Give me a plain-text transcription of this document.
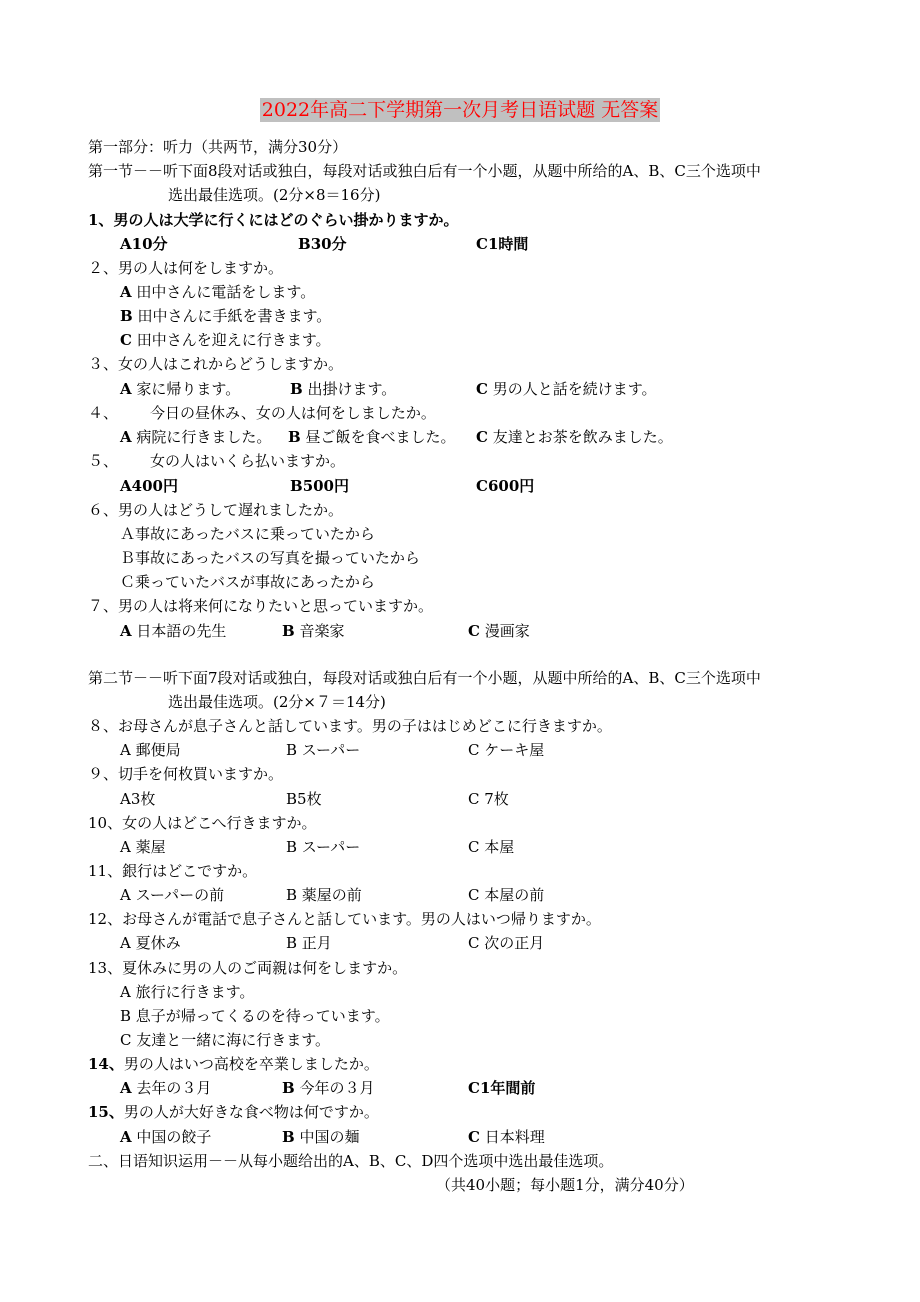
2022年高二下学期第一次月考日语试题 无答案
第一部分：听力（共两节，满分30分）
第一节－－听下面8段对话或独白，每段对话或独白后有一个小题，从题中所给的A、B、C三个选项中
选出最佳选项。(2分×8＝16分)
1、男の人は大学に行くにはどのぐらい掛かりますか。
A10分	B30分	C1時間
２、男の人は何をしますか。
A 田中さんに電話をします。
B 田中さんに手紙を書きます。
C 田中さんを迎えに行きます。
３、女の人はこれからどうしますか。
A 家に帰ります。	B 出掛けます。	C 男の人と話を続けます。
４、 今日の昼休み、女の人は何をしましたか。
A 病院に行きました。 B 昼ご飯を食べました。 C 友達とお茶を飲みました。
５、 女の人はいくら払いますか。
A400円	B500円	C600円
６、男の人はどうして遅れましたか。
Ａ事故にあったバスに乗っていたから
Ｂ事故にあったバスの写真を撮っていたから
Ｃ乗っていたバスが事故にあったから
７、男の人は将来何になりたいと思っていますか。
A 日本語の先生	B 音楽家	C 漫画家
第二节－－听下面7段对话或独白，每段对话或独白后有一个小题，从题中所给的A、B、C三个选项中
选出最佳选项。(2分×７＝14分)
８、お母さんが息子さんと話しています。男の子ははじめどこに行きますか。
A 郵便局	B スーパー	C ケーキ屋
９、切手を何枚買いますか。
A3枚	B5枚	C 7枚
10、女の人はどこへ行きますか。
A 薬屋	B スーパー	C 本屋
11、銀行はどこですか。
A スーパーの前	B 薬屋の前	C 本屋の前
12、お母さんが電話で息子さんと話しています。男の人はいつ帰りますか。
A 夏休み	B 正月	C 次の正月
13、夏休みに男の人のご両親は何をしますか。
A 旅行に行きます。
B 息子が帰ってくるのを待っています。
C 友達と一緒に海に行きます。
14、男の人はいつ高校を卒業しましたか。
A 去年の３月	B 今年の３月	C1年間前
15、男の人が大好きな食べ物は何ですか。
A 中国の餃子	B 中国の麺	C 日本料理
二、日语知识运用－－从每小题给出的A、B、C、D四个选项中选出最佳选项。
（共40小题；每小题1分，满分40分）
